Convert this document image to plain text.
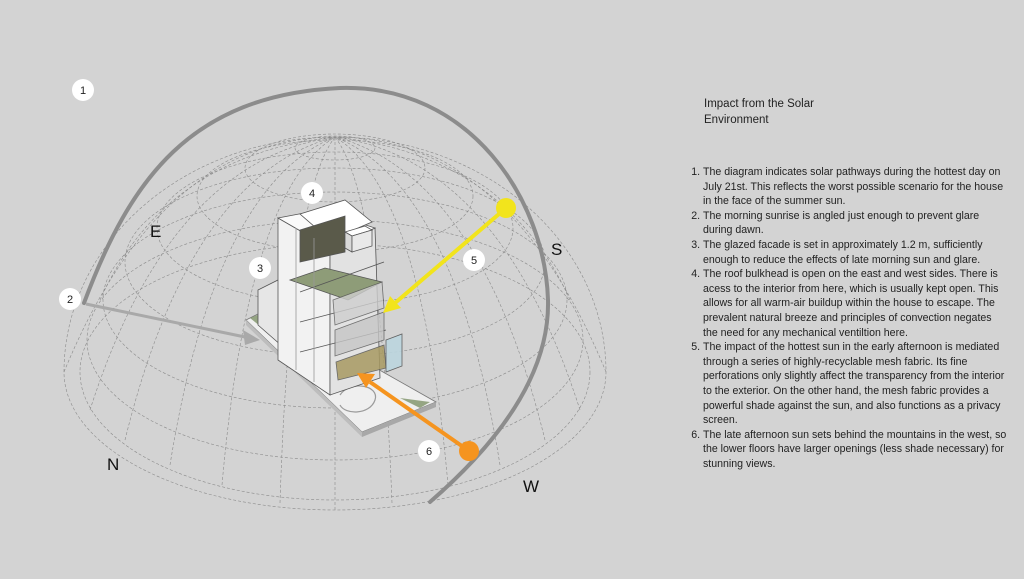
E
S
N
W
1
2
3
4
5
6
Impact from the Solar Environment
1. The diagram indicates solar pathways during the hottest day on July 21st. This reflects the worst possible scenario for the house in the face of the summer sun.
2. The morning sunrise is angled just enough to prevent glare during dawn.
3. The glazed facade is set in approximately 1.2 m, sufficiently enough to reduce the effects of late morning sun and glare.
4. The roof bulkhead is open on the east and west sides. There is acess to the interior from here, which is usually kept open. This allows for all warm-air buildup within the house to escape. The prevalent natural breeze and principles of convection negates the need for any mechanical ventiltion here.
5. The impact of the hottest sun in the early afternoon is mediated through a series of highly-recyclable mesh fabric. Its fine perforations only slightly affect the transparency from the interior to the exterior. On the other hand, the mesh fabric provides a powerful shade against the sun, and also functions as a privacy screen.
6. The late afternoon sun sets behind the mountains in the west, so the lower floors have larger openings (less shade necessary) for stunning views.
